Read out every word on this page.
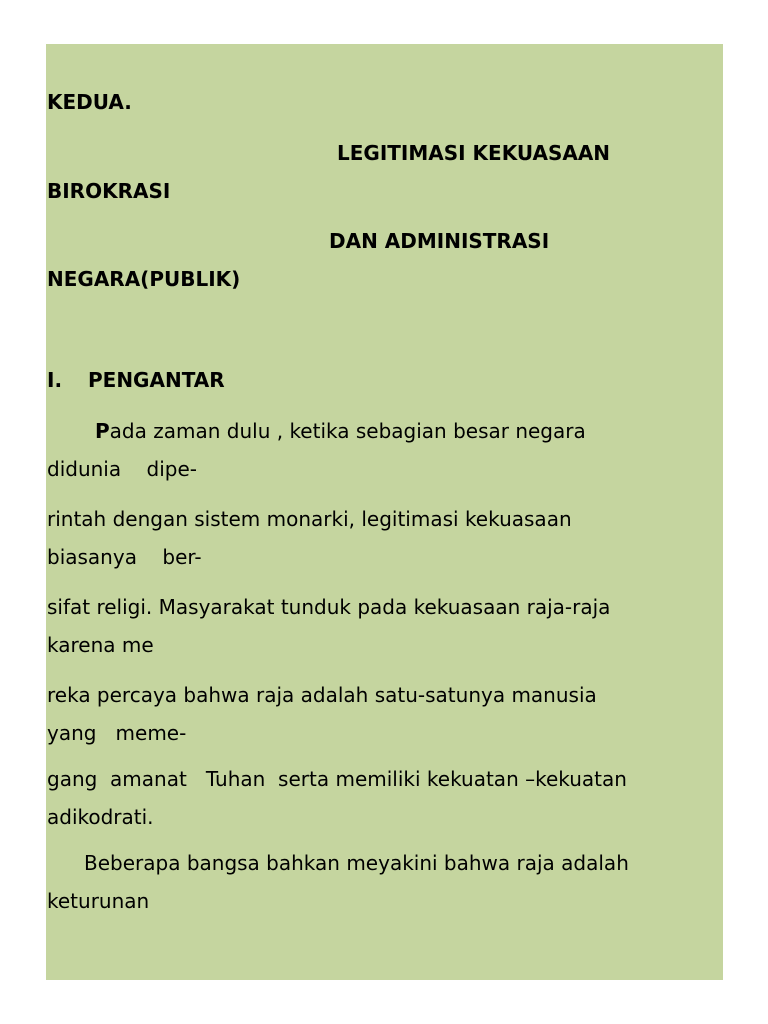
KEDUA.
LEGITIMASI KEKUASAAN
BIROKRASI
DAN ADMINISTRASI
NEGARA(PUBLIK)
I. PENGANTAR
Pada zaman dulu , ketika sebagian besar negara
didunia    dipe-
rintah dengan sistem monarki, legitimasi kekuasaan
biasanya    ber-
sifat religi. Masyarakat tunduk pada kekuasaan raja-raja
karena me
reka percaya bahwa raja adalah satu-satunya manusia
yang   meme-
gang  amanat   Tuhan  serta memiliki kekuatan –kekuatan
adikodrati.
Beberapa bangsa bahkan meyakini bahwa raja adalah
keturunan
